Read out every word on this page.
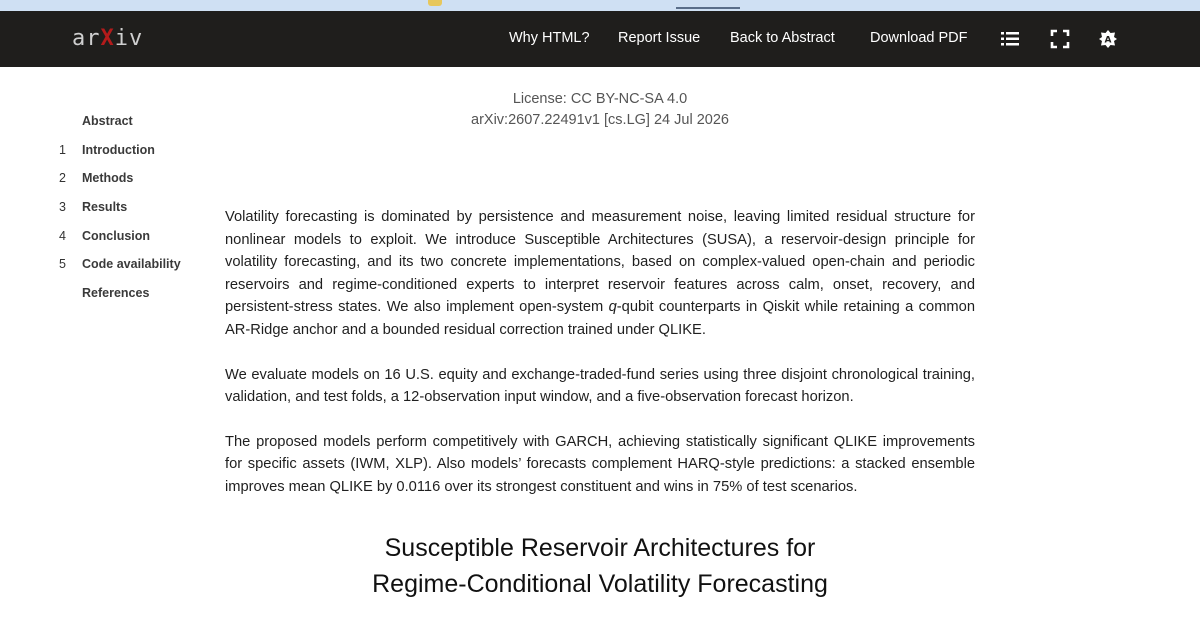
arXiv	Why HTML? Report Issue Back to Abstract Download PDF	A
Abstract
1 Introduction
2 Methods
3 Results
4 Conclusion
5 Code availability
References
License: CC BY-NC-SA 4.0
arXiv:2607.22491v1 [cs.LG] 24 Jul 2026

Volatility forecasting is dominated by persistence and measurement noise, leaving limited residual structure for nonlinear models to exploit. We introduce Susceptible Architectures (SUSA), a reservoir-design principle for volatility forecasting, and its two concrete implementations, based on complex-valued open-chain and periodic reservoirs and regime-conditioned experts to interpret reservoir features across calm, onset, recovery, and persistent-stress states. We also implement open-system q-qubit counterparts in Qiskit while retaining a common AR-Ridge anchor and a bounded residual correction trained under QLIKE.

We evaluate models on 16 U.S. equity and exchange-traded-fund series using three disjoint chronological training, validation, and test folds, a 12-observation input window, and a five-observation forecast horizon.

The proposed models perform competitively with GARCH, achieving statistically significant QLIKE improvements for specific assets (IWM, XLP). Also models’ forecasts complement HARQ-style predictions: a stacked ensemble improves mean QLIKE by 0.0116 over its strongest constituent and wins in 75% of test scenarios.

Susceptible Reservoir Architectures for
Regime-Conditional Volatility Forecasting
